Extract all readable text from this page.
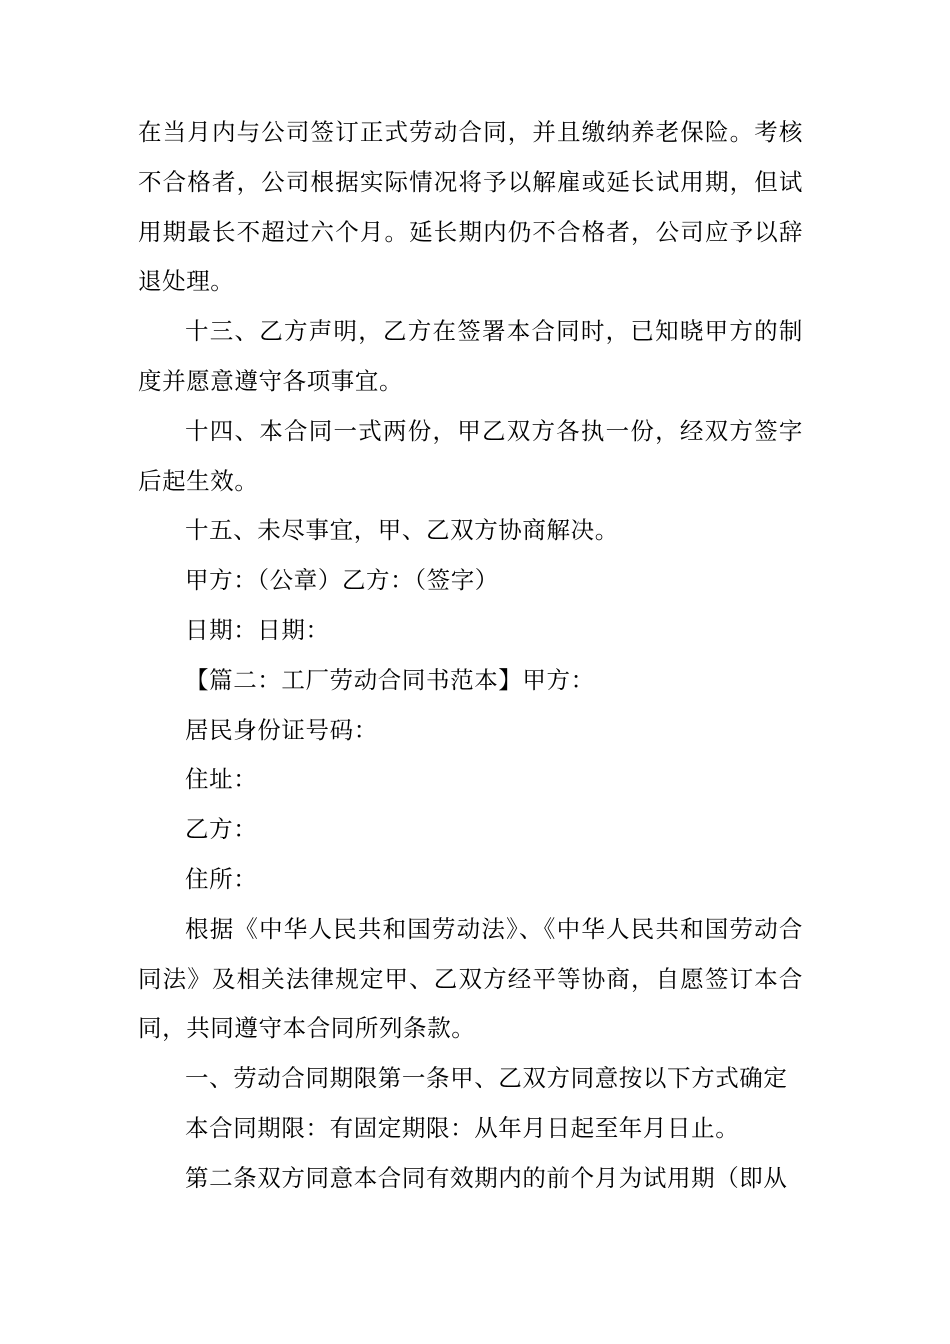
在当月内与公司签订正式劳动合同，并且缴纳养老保险。考核不合格者，公司根据实际情况将予以解雇或延长试用期，但试用期最长不超过六个月。延长期内仍不合格者，公司应予以辞退处理。

十三、乙方声明，乙方在签署本合同时，已知晓甲方的制度并愿意遵守各项事宜。

十四、本合同一式两份，甲乙双方各执一份，经双方签字后起生效。

十五、未尽事宜，甲、乙双方协商解决。

甲方：（公章）乙方：（签字）

日期：日期：

【篇二：工厂劳动合同书范本】甲方：

居民身份证号码：

住址：

乙方：

住所：

根据《中华人民共和国劳动法》、《中华人民共和国劳动合同法》及相关法律规定甲、乙双方经平等协商，自愿签订本合同，共同遵守本合同所列条款。

一、劳动合同期限第一条甲、乙双方同意按以下方式确定

本合同期限：有固定期限：从年月日起至年月日止。

第二条双方同意本合同有效期内的前个月为试用期（即从
